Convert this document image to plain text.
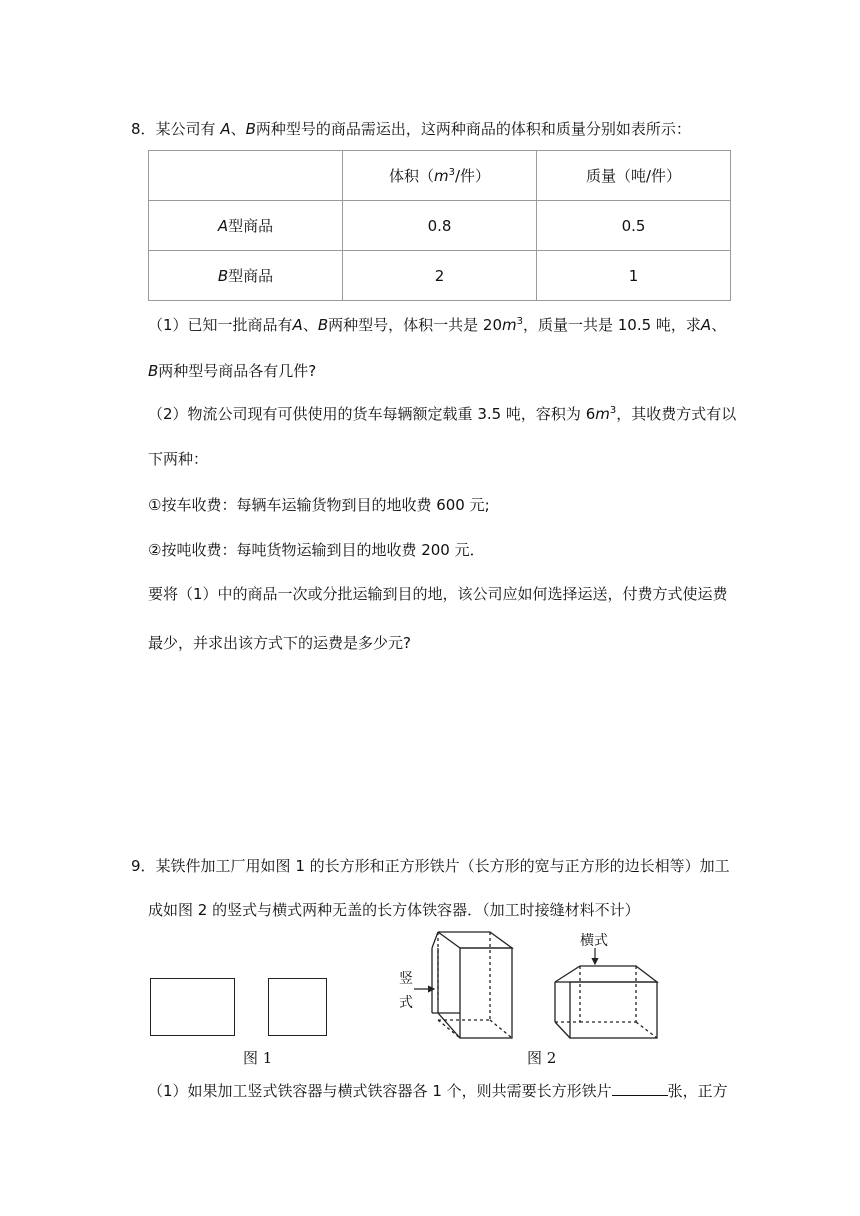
8．某公司有 A、B两种型号的商品需运出，这两种商品的体积和质量分别如表所示：
	体积（$m^3/$件）	质量（吨/件）
A型商品	0.8	0.5
B型商品	2	1
（1）已知一批商品有A、B两种型号，体积一共是 $20m^3$，质量一共是 10.5 吨，求A、
B两种型号商品各有几件?
（2）物流公司现有可供使用的货车每辆额定载重 3.5 吨，容积为 $6m^3$，其收费方式有以
下两种：
①按车收费：每辆车运输货物到目的地收费 600 元;
②按吨收费：每吨货物运输到目的地收费 200 元．
要将（1）中的商品一次或分批运输到目的地，该公司应如何选择运送，付费方式使运费
最少，并求出该方式下的运费是多少元?
9．某铁件加工厂用如图 1 的长方形和正方形铁片（长方形的宽与正方形的边长相等）加工
成如图 2 的竖式与横式两种无盖的长方体铁容器．（加工时接缝材料不计）
图 1
竖
式
横式
图 2
（1）如果加工竖式铁容器与横式铁容器各 1 个，则共需要长方形铁片	张，正方
